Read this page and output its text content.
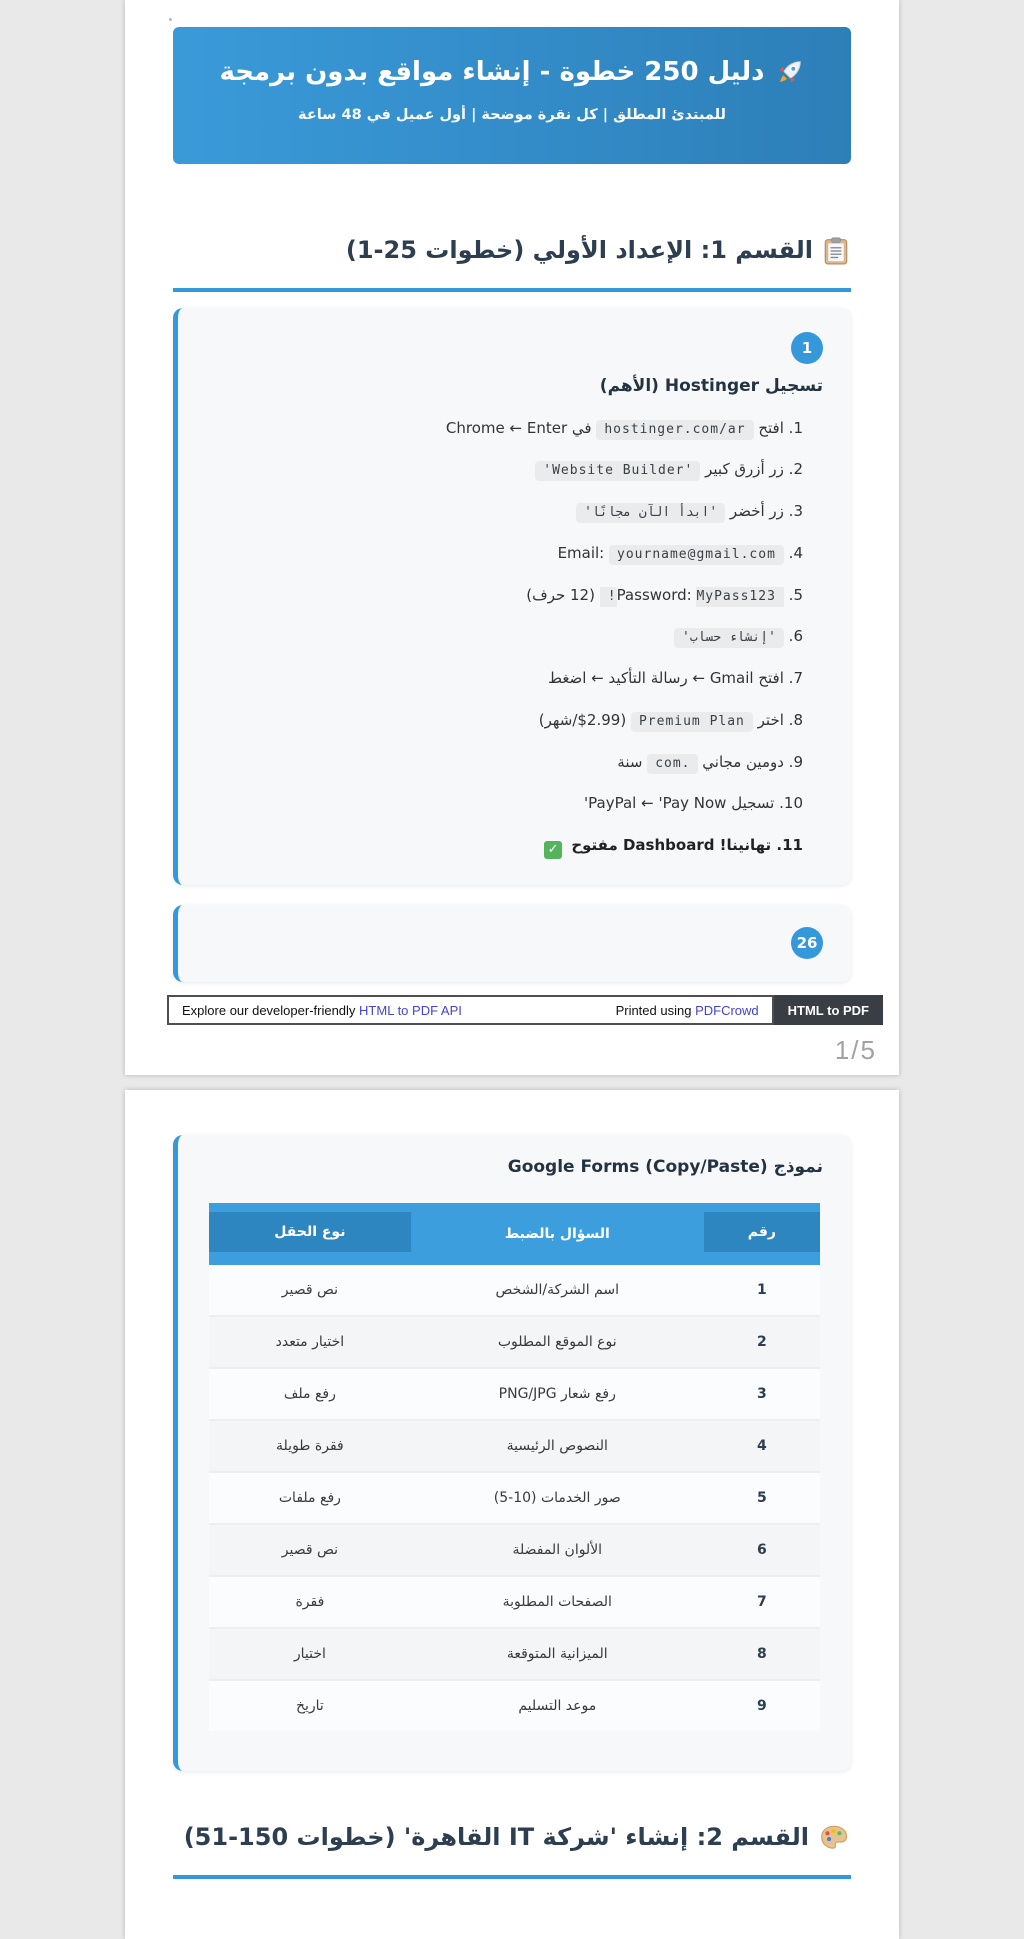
دليل 250 خطوة - إنشاء مواقع بدون برمجة
للمبتدئ المطلق | كل نقرة موضحة | أول عميل في 48 ساعة
القسم 1: الإعداد الأولي (خطوات 25-1)
1
تسجيل Hostinger (الأهم)
1. افتح hostinger.com/ar في Chrome ← Enter
2. زر أزرق كبير 'Website Builder'
3. زر أخضر 'ابدأ الآن مجانًا'
4. Email: yourname@gmail.com
5. Password: MyPass123! (12 حرف)
6. 'إنشاء حساب'
7. افتح Gmail ← رسالة التأكيد ← اضغط
8. اختر Premium Plan ($2.99/شهر)
9. دومين مجاني .com سنة
10. تسجيل PayPal ← 'Pay Now'
11. تهانينا! Dashboard مفتوح ✓
26
Explore our developer-friendly HTML to PDF API	Printed using PDFCrowd	HTML to PDF
1/5
نموذج Google Forms (Copy/Paste)
رقم	السؤال بالضبط	نوع الحقل

1	اسم الشركة/الشخص	نص قصير
2	نوع الموقع المطلوب	اختيار متعدد
3	رفع شعار PNG/JPG	رفع ملف
4	النصوص الرئيسية	فقرة طويلة
5	صور الخدمات (10-5)	رفع ملفات
6	الألوان المفضلة	نص قصير
7	الصفحات المطلوبة	فقرة
8	الميزانية المتوقعة	اختيار
9	موعد التسليم	تاريخ
القسم 2: إنشاء 'شركة IT القاهرة' (خطوات 150-51)
